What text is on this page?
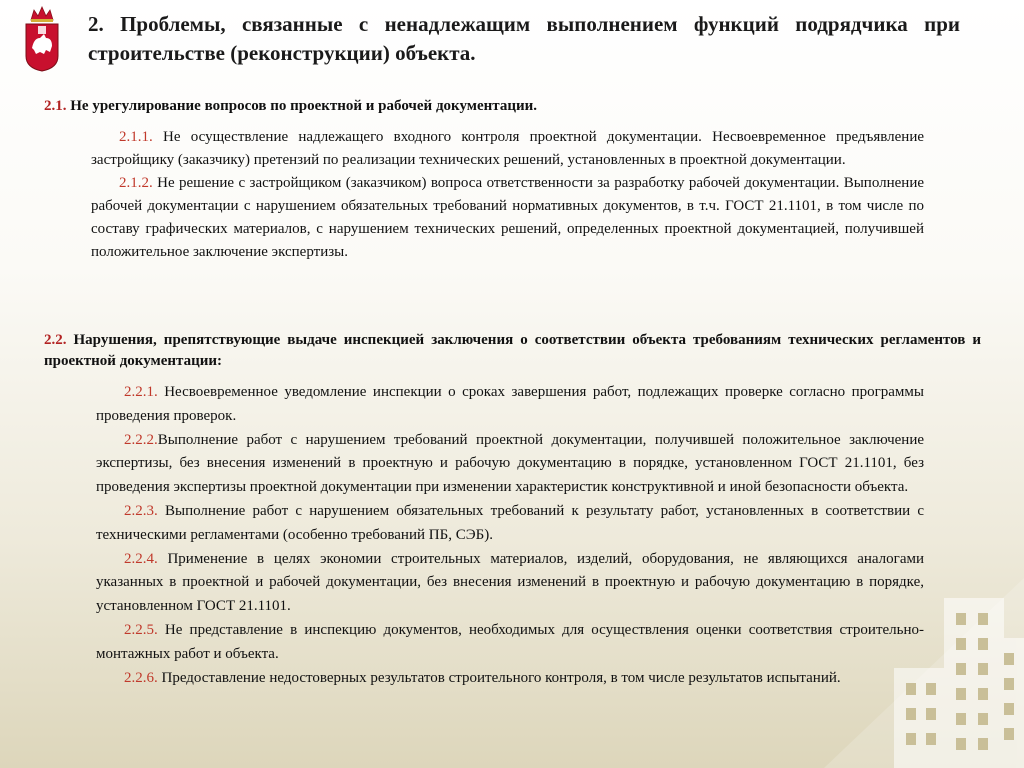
2. Проблемы, связанные с ненадлежащим выполнением функций подрядчика при строительстве (реконструкции) объекта.

2.1. Не урегулирование вопросов по проектной и рабочей документации.

2.1.1. Не осуществление надлежащего входного контроля проектной документации. Несвоевременное предъявление застройщику (заказчику) претензий по реализации технических решений, установленных в проектной документации.

2.1.2. Не решение с застройщиком (заказчиком) вопроса ответственности за разработку рабочей документации. Выполнение рабочей документации с нарушением обязательных требований нормативных документов, в т.ч. ГОСТ 21.1101, в том числе по составу графических материалов, с нарушением технических решений, определенных проектной документацией, получившей положительное заключение экспертизы.

2.2. Нарушения, препятствующие выдаче инспекцией заключения о соответствии объекта требованиям технических регламентов и проектной документации:

2.2.1. Несвоевременное уведомление инспекции о сроках завершения работ, подлежащих проверке согласно программы проведения проверок.

2.2.2.Выполнение работ с нарушением требований проектной документации, получившей положительное заключение экспертизы, без внесения изменений в проектную и рабочую документацию в порядке, установленном ГОСТ 21.1101, без проведения экспертизы проектной документации при изменении характеристик конструктивной и иной безопасности объекта.

2.2.3. Выполнение работ с нарушением обязательных требований к результату работ, установленных в соответствии с техническими регламентами (особенно требований ПБ, СЭБ).

2.2.4. Применение в целях экономии строительных материалов, изделий, оборудования, не являющихся аналогами указанных в проектной и рабочей документации, без внесения изменений в проектную и рабочую документацию в порядке, установленном ГОСТ 21.1101.

2.2.5. Не представление в инспекцию документов, необходимых для осуществления оценки соответствия строительно-монтажных работ и объекта.

2.2.6. Предоставление недостоверных результатов строительного контроля, в том числе результатов испытаний.
